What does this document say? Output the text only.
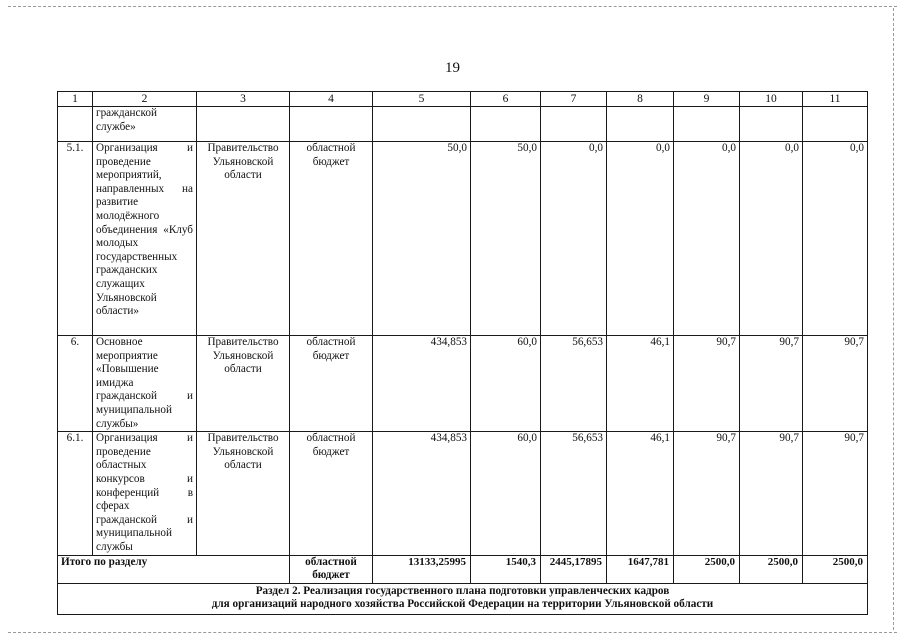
19
1	2	3	4	5	6	7	8	9	10	11
	гражданской службе»									
5.1.	Организация и проведение мероприятий, направленных на развитие молодёжного объединения «Клуб молодых государственных гражданских служащих Ульяновской области»	Правительство Ульяновской области	областной бюджет	50,0	50,0	0,0	0,0	0,0	0,0	0,0
6.	Основное мероприятие «Повышение имиджа гражданской и муниципальной службы»	Правительство Ульяновской области	областной бюджет	434,853	60,0	56,653	46,1	90,7	90,7	90,7
6.1.	Организация и проведение областных конкурсов и конференций в сферах гражданской и муниципальной службы	Правительство Ульяновской области	областной бюджет	434,853	60,0	56,653	46,1	90,7	90,7	90,7
Итого по разделу			областной бюджет	13133,25995	1540,3	2445,17895	1647,781	2500,0	2500,0	2500,0

Раздел 2. Реализация государственного плана подготовки управленческих кадров
для организаций народного хозяйства Российской Федерации на территории Ульяновской области										
